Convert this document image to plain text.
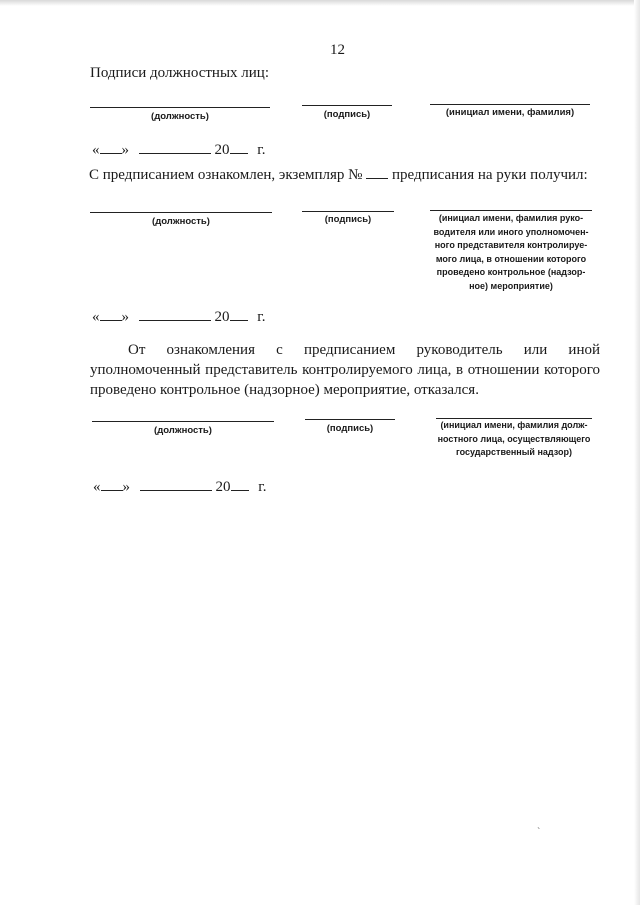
12
Подписи должностных лиц:
(должность)	(подпись)	(инициал имени, фамилия)
« »	20 г.
С предписанием ознакомлен, экземпляр № предписания на руки получил:
(должность)	(подпись)	(инициал имени, фамилия руко-
водителя или иного уполномочен-
ного представителя контролируе-
мого лица, в отношении которого
проведено контрольное (надзор-
ное) мероприятие)
« »	20 г.
От ознакомления с предписанием руководитель или иной уполномоченный представитель контролируемого лица, в отношении которого проведено контрольное (надзорное) мероприятие, отказался.
(должность)	(подпись)	(инициал имени, фамилия долж-
ностного лица, осуществляющего
государственный надзор)
« »	20 г.
`
